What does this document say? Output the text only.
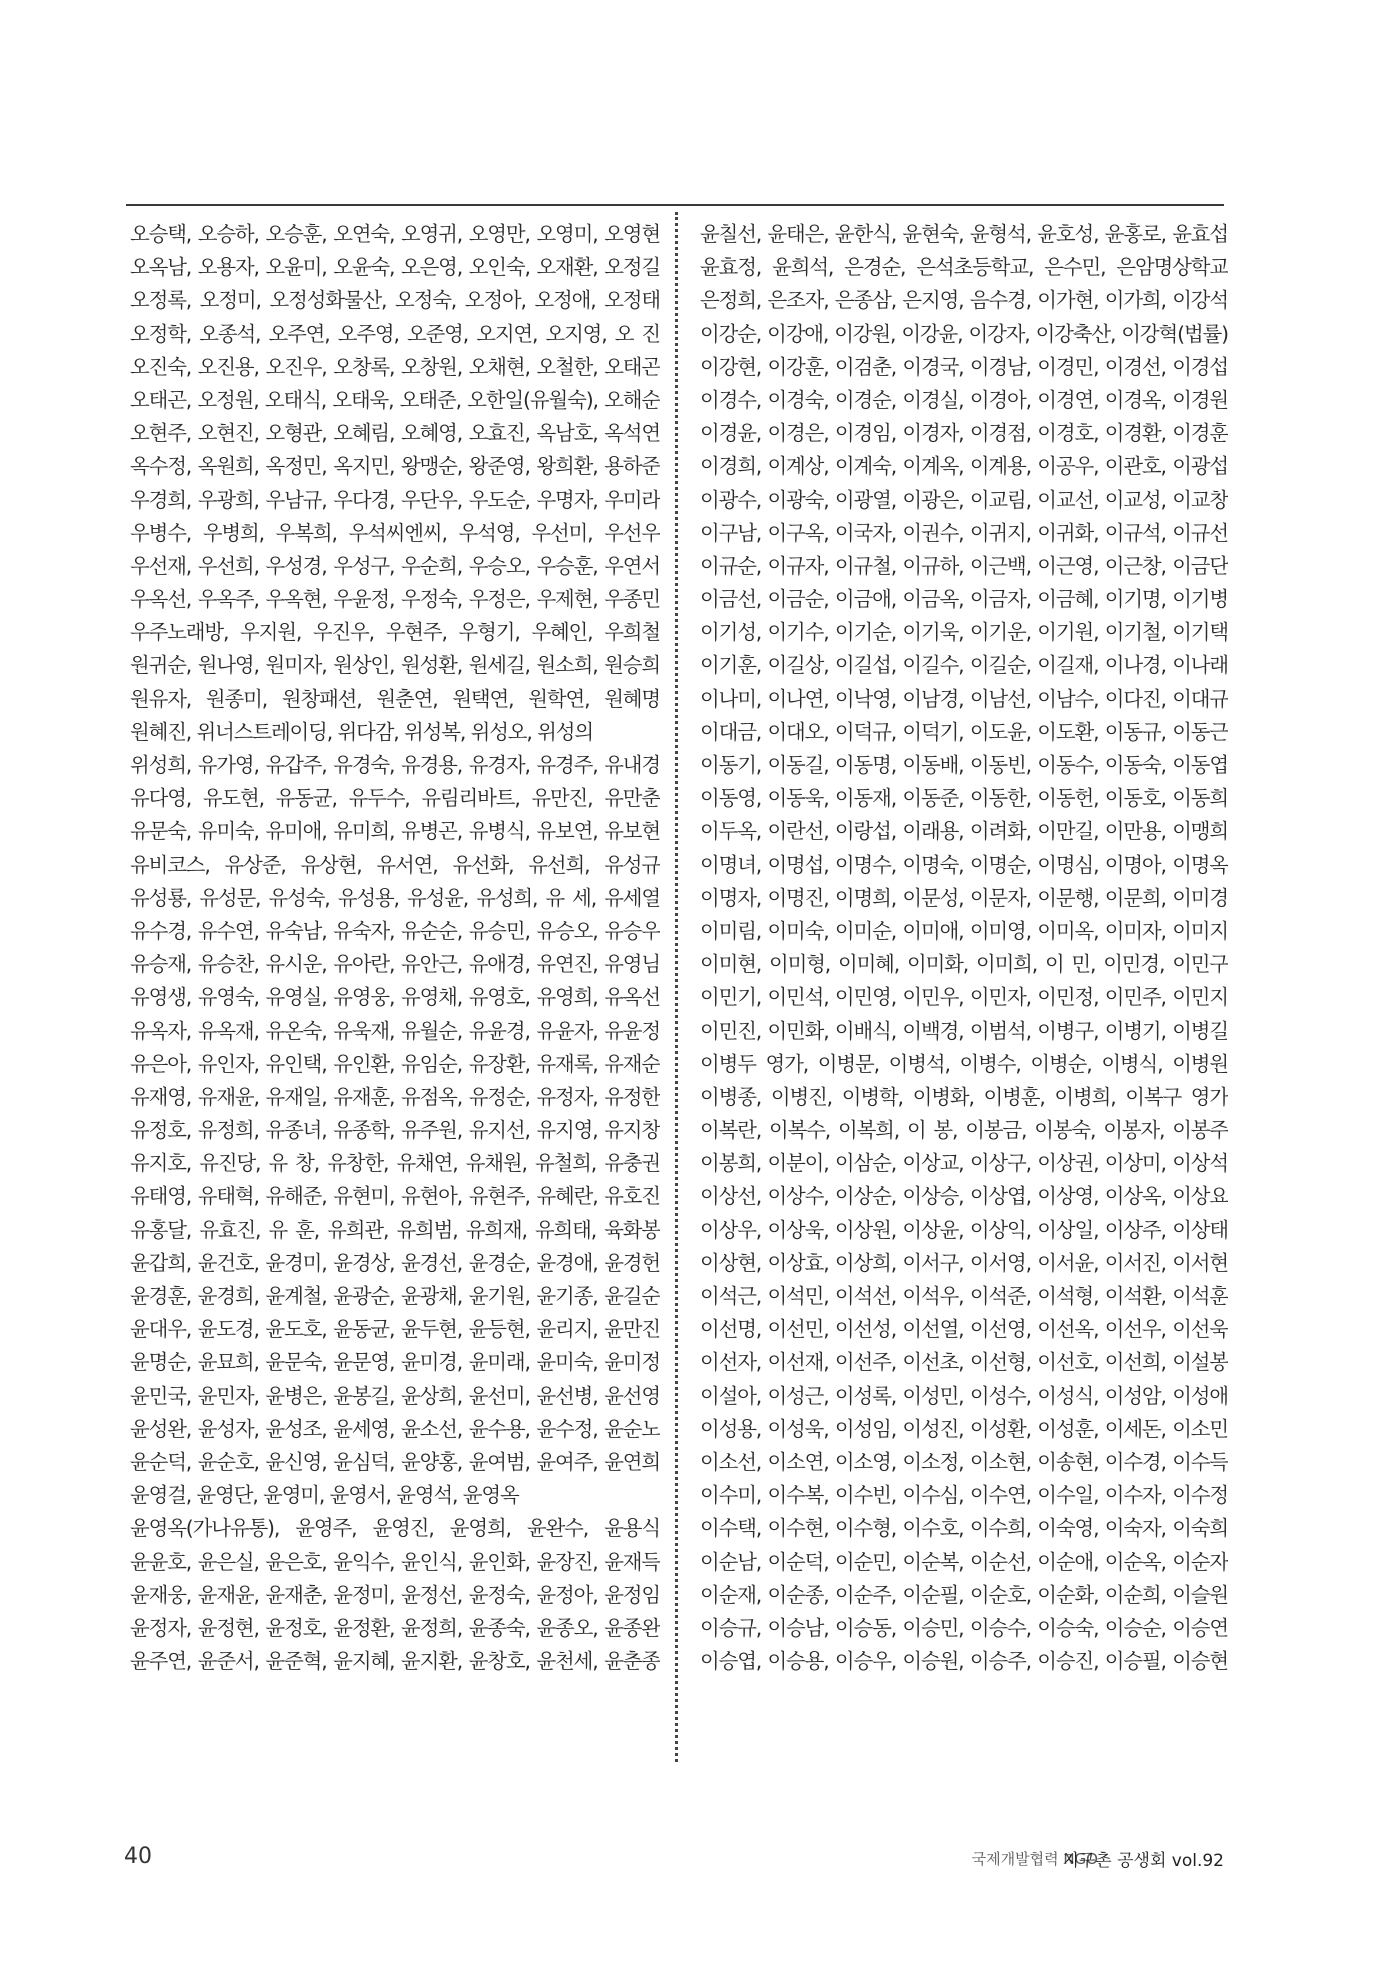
오승택, 오승하, 오승훈, 오연숙, 오영귀, 오영만, 오영미, 오영현
오옥남, 오용자, 오윤미, 오윤숙, 오은영, 오인숙, 오재환, 오정길
오정록, 오정미, 오정성화물산, 오정숙, 오정아, 오정애, 오정태
오정학, 오종석, 오주연, 오주영, 오준영, 오지연, 오지영, 오 진
오진숙, 오진용, 오진우, 오창록, 오창원, 오채현, 오철한, 오태곤
오태곤, 오정원, 오태식, 오태욱, 오태준, 오한일(유월숙), 오해순
오현주, 오현진, 오형관, 오혜림, 오혜영, 오효진, 옥남호, 옥석연
옥수정, 옥원희, 옥정민, 옥지민, 왕맹순, 왕준영, 왕희환, 용하준
우경희, 우광희, 우남규, 우다경, 우단우, 우도순, 우명자, 우미라
우병수, 우병희, 우복희, 우석씨엔씨, 우석영, 우선미, 우선우
우선재, 우선희, 우성경, 우성구, 우순희, 우승오, 우승훈, 우연서
우옥선, 우옥주, 우옥현, 우윤정, 우정숙, 우정은, 우제현, 우종민
우주노래방, 우지원, 우진우, 우현주, 우형기, 우혜인, 우희철
원귀순, 원나영, 원미자, 원상인, 원성환, 원세길, 원소희, 원승희
원유자, 원종미, 원창패션, 원춘연, 원택연, 원학연, 원혜명
원혜진, 위너스트레이딩, 위다감, 위성복, 위성오, 위성의
위성희, 유가영, 유갑주, 유경숙, 유경용, 유경자, 유경주, 유내경
유다영, 유도현, 유동균, 유두수, 유림리바트, 유만진, 유만춘
유문숙, 유미숙, 유미애, 유미희, 유병곤, 유병식, 유보연, 유보현
유비코스, 유상준, 유상현, 유서연, 유선화, 유선희, 유성규
유성룡, 유성문, 유성숙, 유성용, 유성윤, 유성희, 유 세, 유세열
유수경, 유수연, 유숙남, 유숙자, 유순순, 유승민, 유승오, 유승우
유승재, 유승찬, 유시운, 유아란, 유안근, 유애경, 유연진, 유영님
유영생, 유영숙, 유영실, 유영웅, 유영채, 유영호, 유영희, 유옥선
유옥자, 유옥재, 유온숙, 유욱재, 유월순, 유윤경, 유윤자, 유윤정
유은아, 유인자, 유인택, 유인환, 유임순, 유장환, 유재록, 유재순
유재영, 유재윤, 유재일, 유재훈, 유점옥, 유정순, 유정자, 유정한
유정호, 유정희, 유종녀, 유종학, 유주원, 유지선, 유지영, 유지창
유지호, 유진당, 유 창, 유창한, 유채연, 유채원, 유철희, 유충권
유태영, 유태혁, 유해준, 유현미, 유현아, 유현주, 유혜란, 유호진
유홍달, 유효진, 유 훈, 유희관, 유희범, 유희재, 유희태, 육화봉
윤갑희, 윤건호, 윤경미, 윤경상, 윤경선, 윤경순, 윤경애, 윤경헌
윤경훈, 윤경희, 윤계철, 윤광순, 윤광채, 윤기원, 윤기종, 윤길순
윤대우, 윤도경, 윤도호, 윤동균, 윤두현, 윤등현, 윤리지, 윤만진
윤명순, 윤묘희, 윤문숙, 윤문영, 윤미경, 윤미래, 윤미숙, 윤미정
윤민국, 윤민자, 윤병은, 윤봉길, 윤상희, 윤선미, 윤선병, 윤선영
윤성완, 윤성자, 윤성조, 윤세영, 윤소선, 윤수용, 윤수정, 윤순노
윤순덕, 윤순호, 윤신영, 윤심덕, 윤양홍, 윤여범, 윤여주, 윤연희
윤영걸, 윤영단, 윤영미, 윤영서, 윤영석, 윤영옥
윤영옥(가나유통), 윤영주, 윤영진, 윤영희, 윤완수, 윤용식
윤윤호, 윤은실, 윤은호, 윤익수, 윤인식, 윤인화, 윤장진, 윤재득
윤재웅, 윤재윤, 윤재춘, 윤정미, 윤정선, 윤정숙, 윤정아, 윤정임
윤정자, 윤정현, 윤정호, 윤정환, 윤정희, 윤종숙, 윤종오, 윤종완
윤주연, 윤준서, 윤준혁, 윤지혜, 윤지환, 윤창호, 윤천세, 윤춘종
윤칠선, 윤태은, 윤한식, 윤현숙, 윤형석, 윤호성, 윤홍로, 윤효섭
윤효정, 윤희석, 은경순, 은석초등학교, 은수민, 은암명상학교
은정희, 은조자, 은종삼, 은지영, 음수경, 이가현, 이가희, 이강석
이강순, 이강애, 이강원, 이강윤, 이강자, 이강축산, 이강혁(법률)
이강현, 이강훈, 이검춘, 이경국, 이경남, 이경민, 이경선, 이경섭
이경수, 이경숙, 이경순, 이경실, 이경아, 이경연, 이경옥, 이경원
이경윤, 이경은, 이경임, 이경자, 이경점, 이경호, 이경환, 이경훈
이경희, 이계상, 이계숙, 이계옥, 이계용, 이공우, 이관호, 이광섭
이광수, 이광숙, 이광열, 이광은, 이교림, 이교선, 이교성, 이교창
이구남, 이구옥, 이국자, 이권수, 이귀지, 이귀화, 이규석, 이규선
이규순, 이규자, 이규철, 이규하, 이근백, 이근영, 이근창, 이금단
이금선, 이금순, 이금애, 이금옥, 이금자, 이금혜, 이기명, 이기병
이기성, 이기수, 이기순, 이기욱, 이기운, 이기원, 이기철, 이기택
이기훈, 이길상, 이길섭, 이길수, 이길순, 이길재, 이나경, 이나래
이나미, 이나연, 이낙영, 이남경, 이남선, 이남수, 이다진, 이대규
이대금, 이대오, 이덕규, 이덕기, 이도윤, 이도환, 이동규, 이동근
이동기, 이동길, 이동명, 이동배, 이동빈, 이동수, 이동숙, 이동엽
이동영, 이동욱, 이동재, 이동준, 이동한, 이동헌, 이동호, 이동희
이두옥, 이란선, 이랑섭, 이래용, 이려화, 이만길, 이만용, 이맹희
이명녀, 이명섭, 이명수, 이명숙, 이명순, 이명심, 이명아, 이명옥
이명자, 이명진, 이명희, 이문성, 이문자, 이문행, 이문희, 이미경
이미림, 이미숙, 이미순, 이미애, 이미영, 이미옥, 이미자, 이미지
이미현, 이미형, 이미혜, 이미화, 이미희, 이 민, 이민경, 이민구
이민기, 이민석, 이민영, 이민우, 이민자, 이민정, 이민주, 이민지
이민진, 이민화, 이배식, 이백경, 이범석, 이병구, 이병기, 이병길
이병두 영가, 이병문, 이병석, 이병수, 이병순, 이병식, 이병원
이병종, 이병진, 이병학, 이병화, 이병훈, 이병희, 이복구 영가
이복란, 이복수, 이복희, 이 봉, 이봉금, 이봉숙, 이봉자, 이봉주
이봉희, 이분이, 이삼순, 이상교, 이상구, 이상권, 이상미, 이상석
이상선, 이상수, 이상순, 이상승, 이상엽, 이상영, 이상옥, 이상요
이상우, 이상욱, 이상원, 이상윤, 이상익, 이상일, 이상주, 이상태
이상현, 이상효, 이상희, 이서구, 이서영, 이서윤, 이서진, 이서현
이석근, 이석민, 이석선, 이석우, 이석준, 이석형, 이석환, 이석훈
이선명, 이선민, 이선성, 이선열, 이선영, 이선옥, 이선우, 이선욱
이선자, 이선재, 이선주, 이선초, 이선형, 이선호, 이선희, 이설봉
이설아, 이성근, 이성록, 이성민, 이성수, 이성식, 이성암, 이성애
이성용, 이성욱, 이성임, 이성진, 이성환, 이성훈, 이세돈, 이소민
이소선, 이소연, 이소영, 이소정, 이소현, 이송현, 이수경, 이수득
이수미, 이수복, 이수빈, 이수심, 이수연, 이수일, 이수자, 이수정
이수택, 이수현, 이수형, 이수호, 이수희, 이숙영, 이숙자, 이숙희
이순남, 이순덕, 이순민, 이순복, 이순선, 이순애, 이순옥, 이순자
이순재, 이순종, 이순주, 이순필, 이순호, 이순화, 이순희, 이슬원
이승규, 이승남, 이승동, 이승민, 이승수, 이승숙, 이승순, 이승연
이승엽, 이승용, 이승우, 이승원, 이승주, 이승진, 이승필, 이승현
40	국제개발협력 NGO
지구촌 공생회 vol.92
